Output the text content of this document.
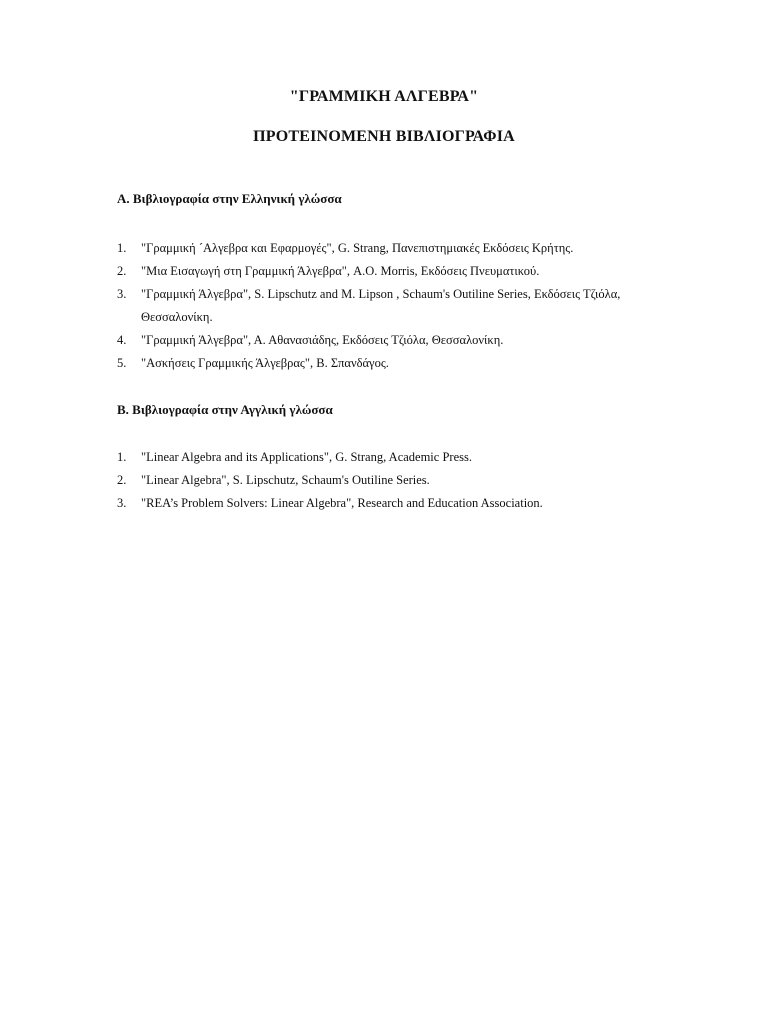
"ΓΡΑΜΜΙΚΗ ΑΛΓΕΒΡΑ"
ΠΡΟΤΕΙΝΟΜΕΝΗ ΒΙΒΛΙΟΓΡΑΦΙΑ
Α. Βιβλιογραφία στην Ελληνική γλώσσα
1.	"Γραμμική ´Αλγεβρα και Εφαρμογές", G. Strang, Πανεπιστημιακές Εκδόσεις Κρήτης.
2.	"Μια Εισαγωγή στη Γραμμική Άλγεβρα", A.O. Morris, Εκδόσεις Πνευματικού.
3.	"Γραμμική Άλγεβρα", S. Lipschutz and M. Lipson , Schaum's Outiline Series, Εκδόσεις Τζιόλα, Θεσσαλονίκη.
4.	"Γραμμική Άλγεβρα", Α. Αθανασιάδης, Εκδόσεις Τζιόλα, Θεσσαλονίκη.
5.	"Ασκήσεις Γραμμικής Άλγεβρας", Β. Σπανδάγος.
Β. Βιβλιογραφία στην Αγγλική γλώσσα
1.	"Linear Algebra and its Applications", G. Strang, Academic Press.
2.	"Linear Algebra", S. Lipschutz, Schaum's Outiline Series.
3.	"REA’s Problem Solvers: Linear Algebra", Research and Education Association.
